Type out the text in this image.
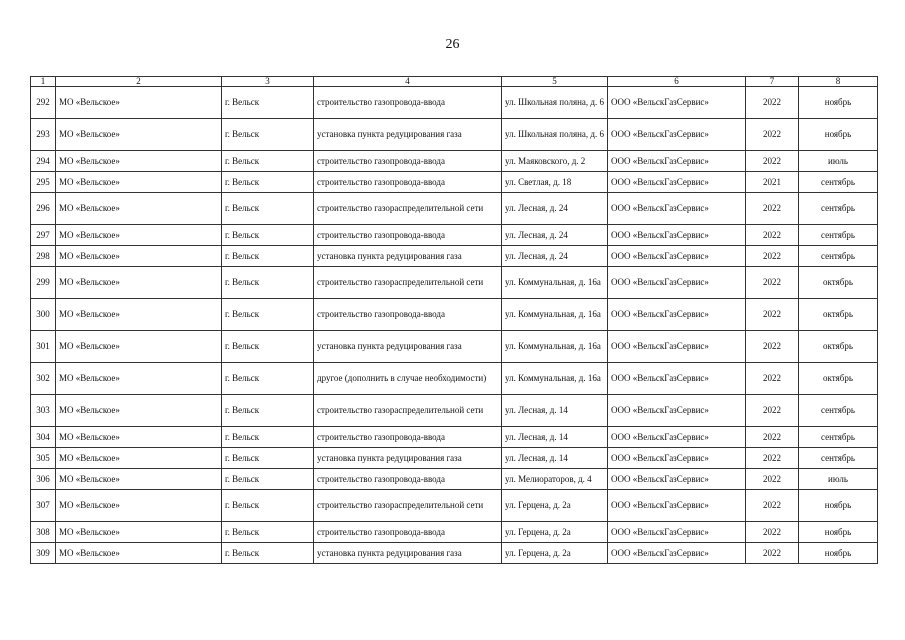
26
1	2	3	4	5	6	7	8
292	МО «Вельское»	г. Вельск	строительство газопровода-ввода	ул. Школьная поляна, д. 6	ООО «ВельскГазСервис»	2022	ноябрь
293	МО «Вельское»	г. Вельск	установка пункта редуцирования газа	ул. Школьная поляна, д. 6	ООО «ВельскГазСервис»	2022	ноябрь
294	МО «Вельское»	г. Вельск	строительство газопровода-ввода	ул. Маяковского, д. 2	ООО «ВельскГазСервис»	2022	июль
295	МО «Вельское»	г. Вельск	строительство газопровода-ввода	ул. Светлая, д. 18	ООО «ВельскГазСервис»	2021	сентябрь
296	МО «Вельское»	г. Вельск	строительство газораспределительной сети	ул. Лесная, д. 24	ООО «ВельскГазСервис»	2022	сентябрь
297	МО «Вельское»	г. Вельск	строительство газопровода-ввода	ул. Лесная, д. 24	ООО «ВельскГазСервис»	2022	сентябрь
298	МО «Вельское»	г. Вельск	установка пункта редуцирования газа	ул. Лесная, д. 24	ООО «ВельскГазСервис»	2022	сентябрь
299	МО «Вельское»	г. Вельск	строительство газораспределительной сети	ул. Коммунальная, д. 16а	ООО «ВельскГазСервис»	2022	октябрь
300	МО «Вельское»	г. Вельск	строительство газопровода-ввода	ул. Коммунальная, д. 16а	ООО «ВельскГазСервис»	2022	октябрь
301	МО «Вельское»	г. Вельск	установка пункта редуцирования газа	ул. Коммунальная, д. 16а	ООО «ВельскГазСервис»	2022	октябрь
302	МО «Вельское»	г. Вельск	другое (дополнить в случае необходимости)	ул. Коммунальная, д. 16а	ООО «ВельскГазСервис»	2022	октябрь
303	МО «Вельское»	г. Вельск	строительство газораспределительной сети	ул. Лесная, д. 14	ООО «ВельскГазСервис»	2022	сентябрь
304	МО «Вельское»	г. Вельск	строительство газопровода-ввода	ул. Лесная, д. 14	ООО «ВельскГазСервис»	2022	сентябрь
305	МО «Вельское»	г. Вельск	установка пункта редуцирования газа	ул. Лесная, д. 14	ООО «ВельскГазСервис»	2022	сентябрь
306	МО «Вельское»	г. Вельск	строительство газопровода-ввода	ул. Мелиораторов, д. 4	ООО «ВельскГазСервис»	2022	июль
307	МО «Вельское»	г. Вельск	строительство газораспределительной сети	ул. Герцена, д. 2а	ООО «ВельскГазСервис»	2022	ноябрь
308	МО «Вельское»	г. Вельск	строительство газопровода-ввода	ул. Герцена, д. 2а	ООО «ВельскГазСервис»	2022	ноябрь
309	МО «Вельское»	г. Вельск	установка пункта редуцирования газа	ул. Герцена, д. 2а	ООО «ВельскГазСервис»	2022	ноябрь
